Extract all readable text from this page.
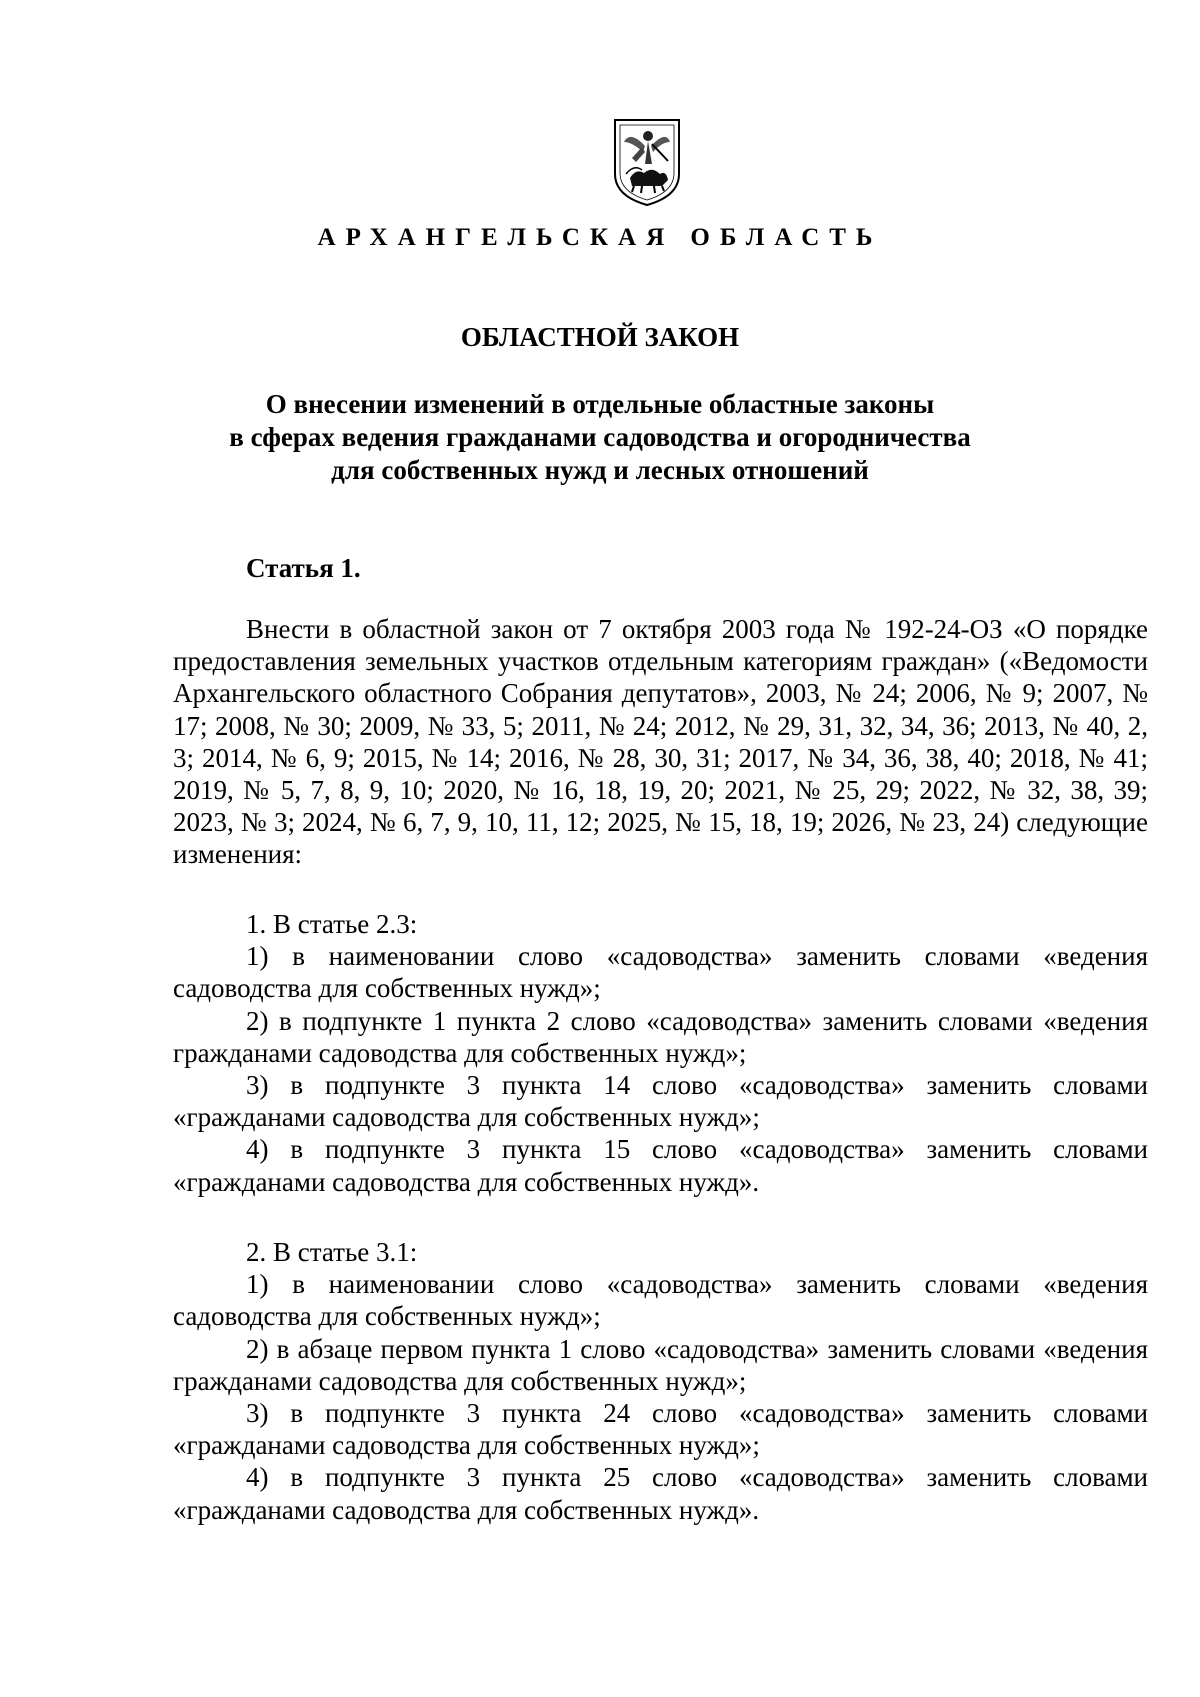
АРХАНГЕЛЬСКАЯ ОБЛАСТЬ
ОБЛАСТНОЙ ЗАКОН
О внесении изменений в отдельные областные законы
в сферах ведения гражданами садоводства и огородничества
для собственных нужд и лесных отношений
Статья 1.

Внести в областной закон от 7 октября 2003 года № 192-24-ОЗ «О порядке предоставления земельных участков отдельным категориям граждан» («Ведомости Архангельского областного Собрания депутатов», 2003, № 24; 2006, № 9; 2007, № 17; 2008, № 30; 2009, № 33, 5; 2011, № 24; 2012, № 29, 31, 32, 34, 36; 2013, № 40, 2, 3; 2014, № 6, 9; 2015, № 14; 2016, № 28, 30, 31; 2017, № 34, 36, 38, 40; 2018, № 41; 2019, № 5, 7, 8, 9, 10; 2020, № 16, 18, 19, 20; 2021, № 25, 29; 2022, № 32, 38, 39; 2023, № 3; 2024, № 6, 7, 9, 10, 11, 12; 2025, № 15, 18, 19; 2026, № 23, 24) следующие изменения:

1. В статье 2.3:

1) в наименовании слово «садоводства» заменить словами «ведения садоводства для собственных нужд»;

2) в подпункте 1 пункта 2 слово «садоводства» заменить словами «ведения гражданами садоводства для собственных нужд»;

3) в подпункте 3 пункта 14 слово «садоводства» заменить словами «гражданами садоводства для собственных нужд»;

4) в подпункте 3 пункта 15 слово «садоводства» заменить словами «гражданами садоводства для собственных нужд».

2. В статье 3.1:

1) в наименовании слово «садоводства» заменить словами «ведения садоводства для собственных нужд»;

2) в абзаце первом пункта 1 слово «садоводства» заменить словами «ведения гражданами садоводства для собственных нужд»;

3) в подпункте 3 пункта 24 слово «садоводства» заменить словами «гражданами садоводства для собственных нужд»;

4) в подпункте 3 пункта 25 слово «садоводства» заменить словами «гражданами садоводства для собственных нужд».
